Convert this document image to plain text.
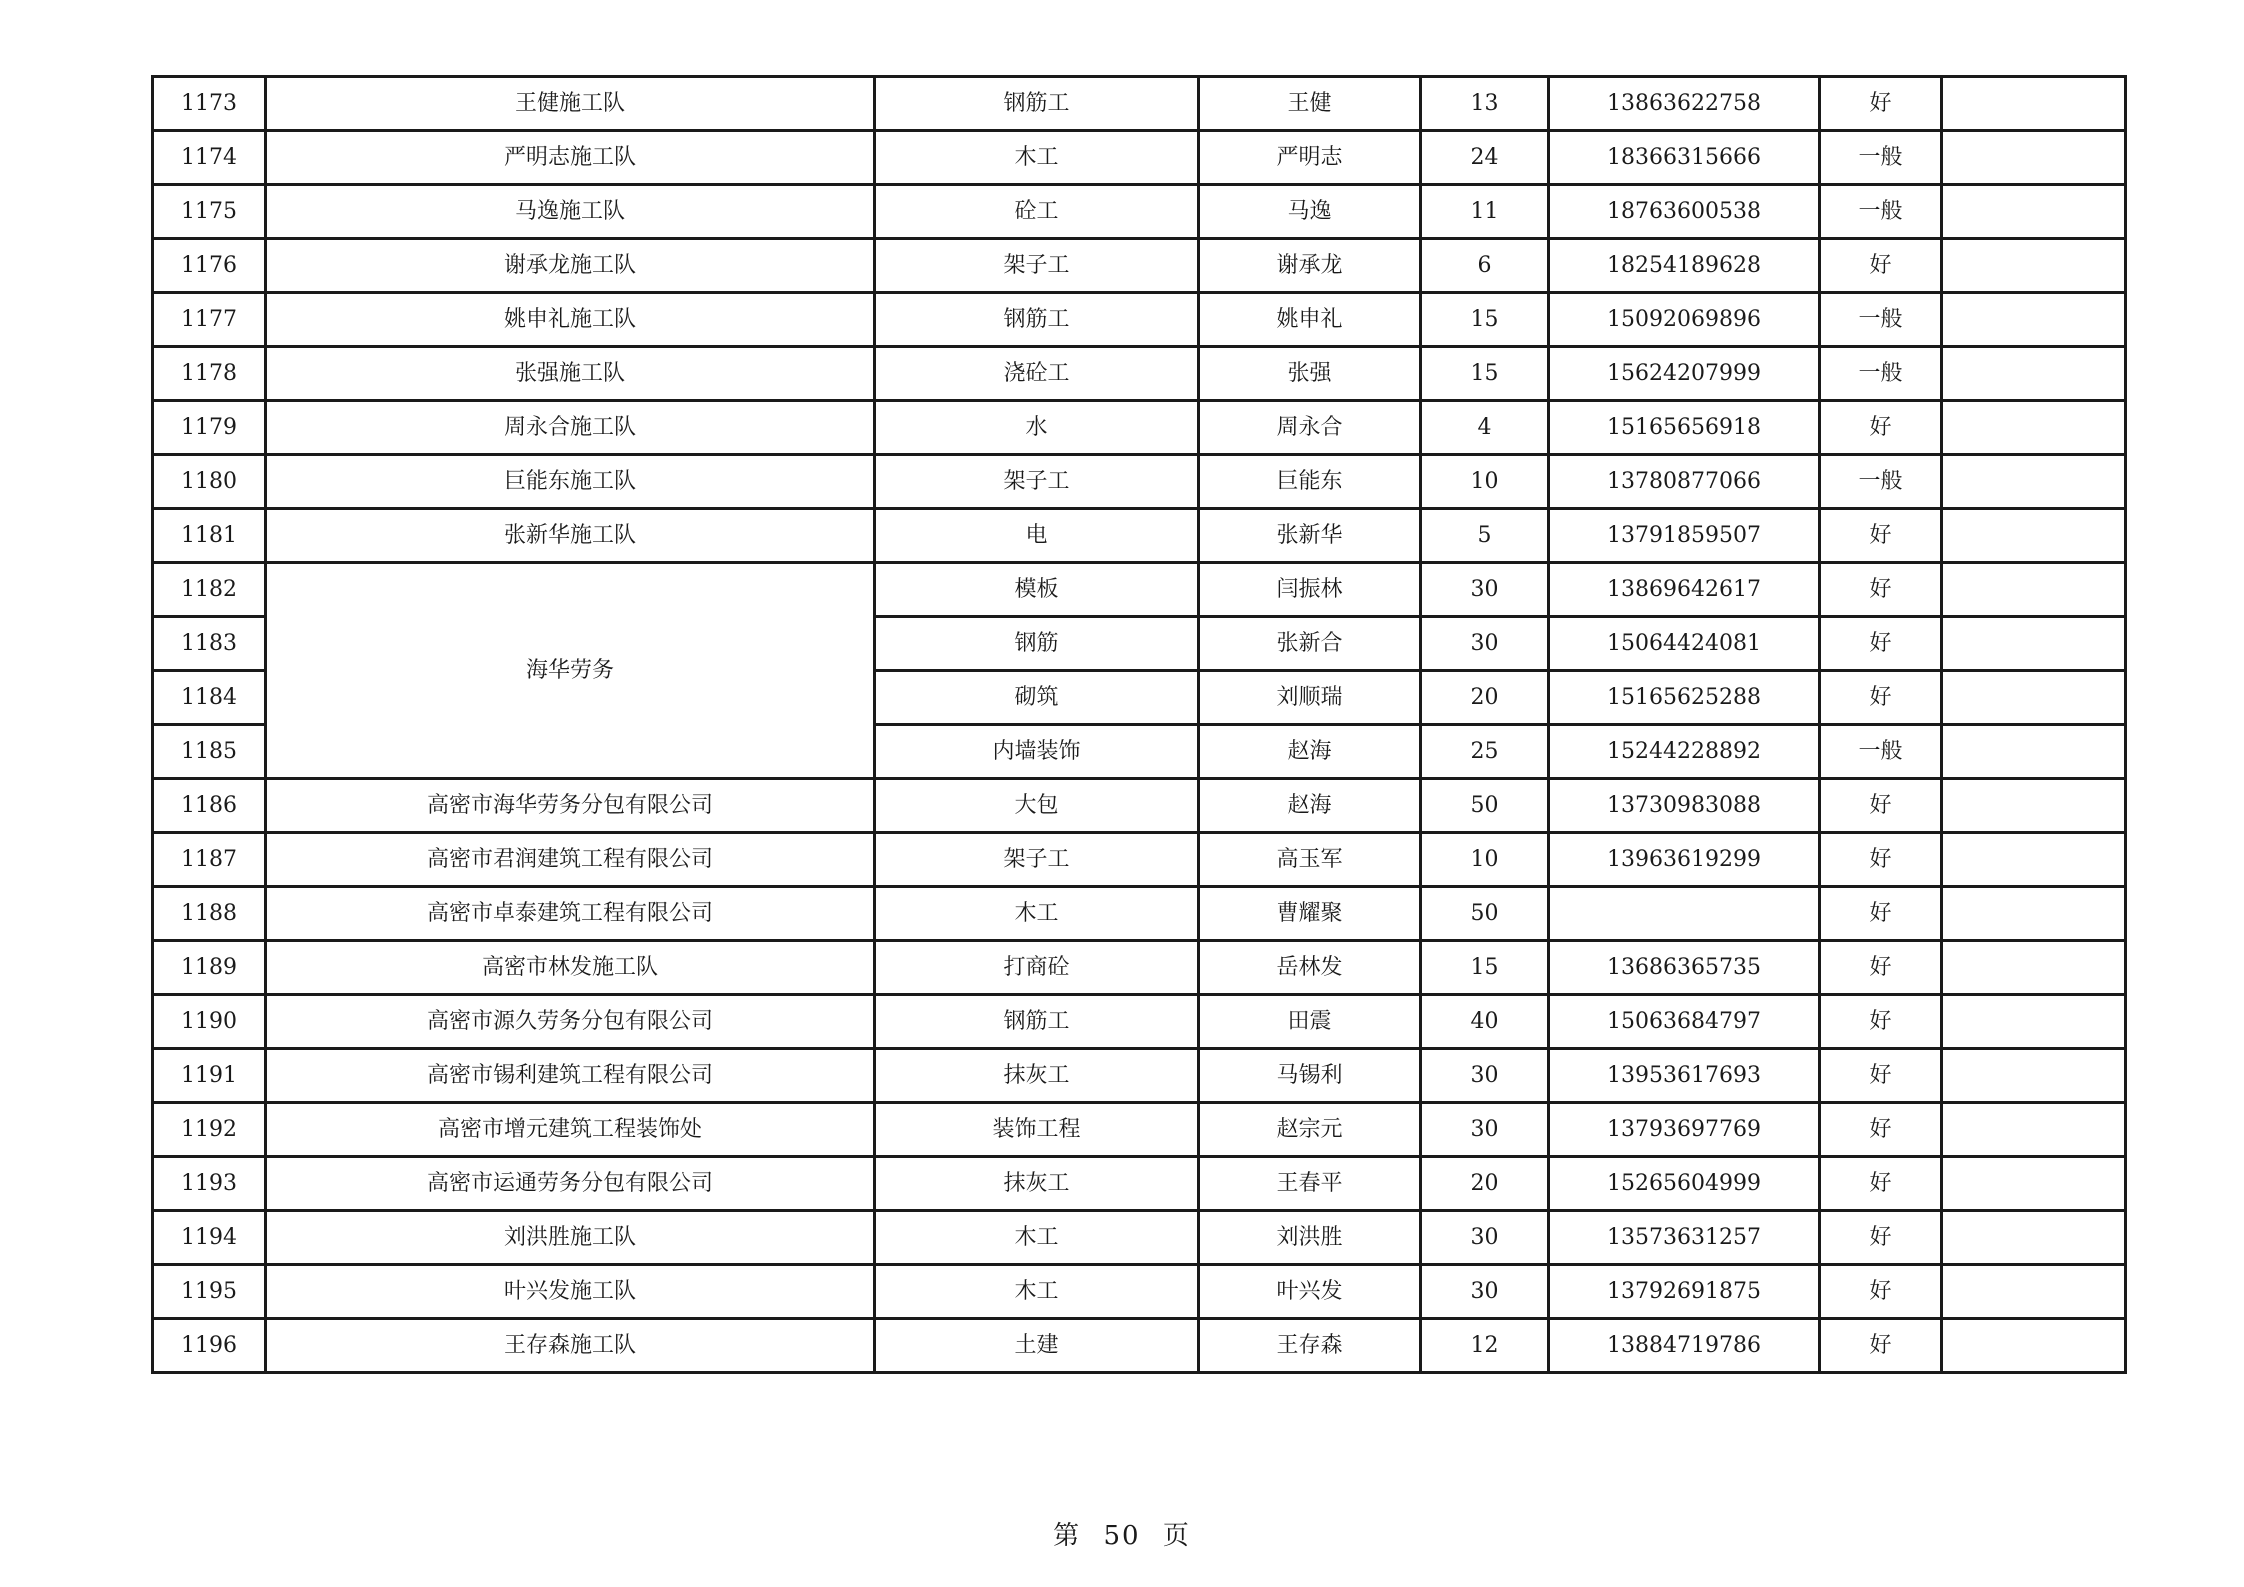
1173	王健施工队	钢筋工	王健	13	13863622758	好	
1174	严明志施工队	木工	严明志	24	18366315666	一般	
1175	马逸施工队	砼工	马逸	11	18763600538	一般	
1176	谢承龙施工队	架子工	谢承龙	6	18254189628	好	
1177	姚申礼施工队	钢筋工	姚申礼	15	15092069896	一般	
1178	张强施工队	浇砼工	张强	15	15624207999	一般	
1179	周永合施工队	水	周永合	4	15165656918	好	
1180	巨能东施工队	架子工	巨能东	10	13780877066	一般	
1181	张新华施工队	电	张新华	5	13791859507	好	
1182	海华劳务	模板	闫振林	30	13869642617	好	
1183		钢筋	张新合	30	15064424081	好	
1184		砌筑	刘顺瑞	20	15165625288	好	
1185		内墙装饰	赵海	25	15244228892	一般	
1186	高密市海华劳务分包有限公司	大包	赵海	50	13730983088	好	
1187	高密市君润建筑工程有限公司	架子工	高玉军	10	13963619299	好	
1188	高密市卓泰建筑工程有限公司	木工	曹耀聚	50		好	
1189	高密市林发施工队	打商砼	岳林发	15	13686365735	好	
1190	高密市源久劳务分包有限公司	钢筋工	田震	40	15063684797	好	
1191	高密市锡利建筑工程有限公司	抹灰工	马锡利	30	13953617693	好	
1192	高密市增元建筑工程装饰处	装饰工程	赵宗元	30	13793697769	好	
1193	高密市运通劳务分包有限公司	抹灰工	王春平	20	15265604999	好	
1194	刘洪胜施工队	木工	刘洪胜	30	13573631257	好	
1195	叶兴发施工队	木工	叶兴发	30	13792691875	好	
1196	王存森施工队	土建	王存森	12	13884719786	好	
第 50 页
